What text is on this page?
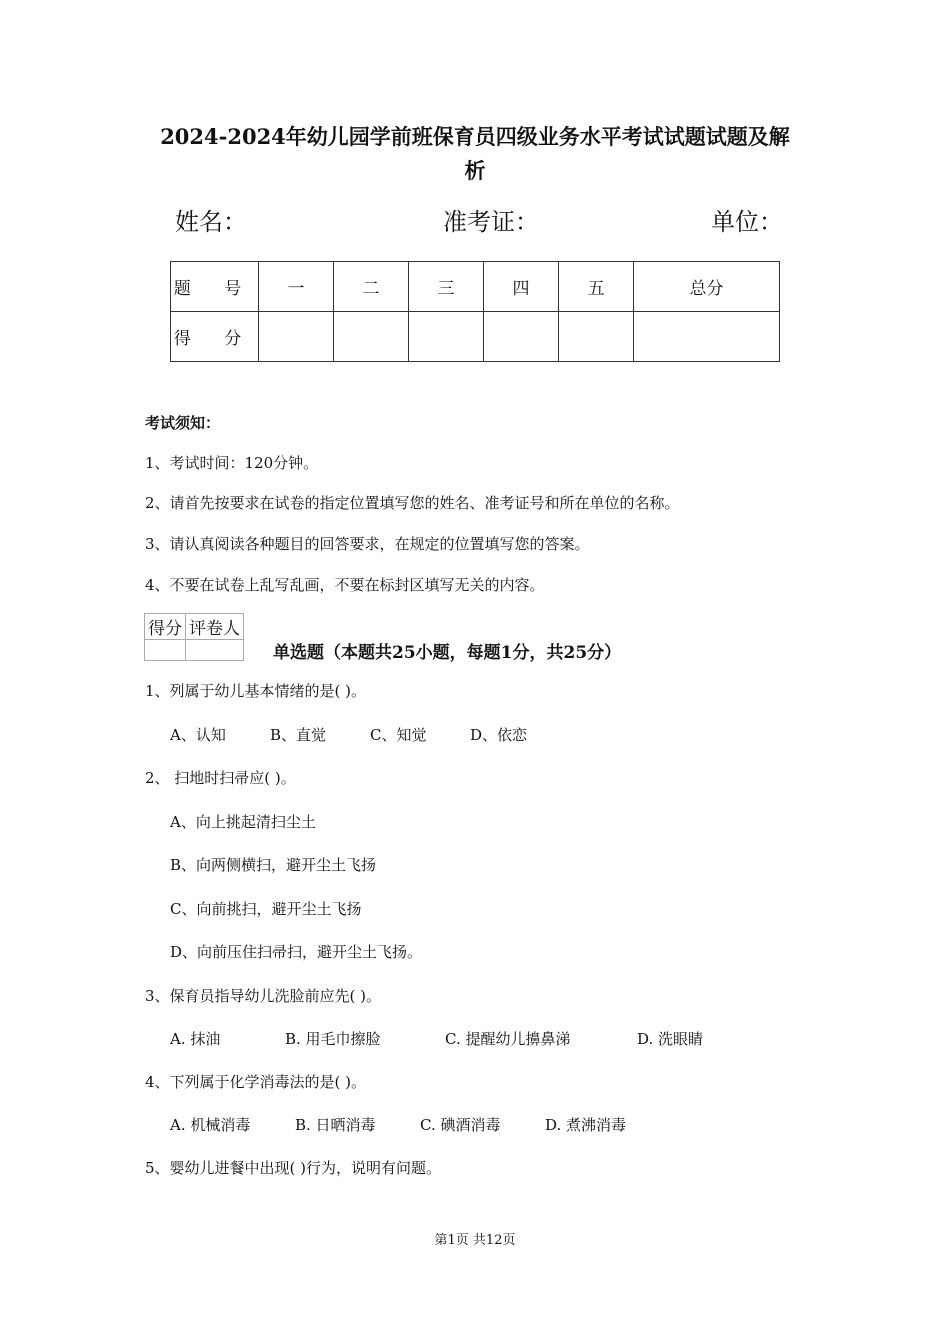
2024-2024年幼儿园学前班保育员四级业务水平考试试题试题及解
析
姓名：	准考证：	单位：
题 号	一	二	三	四	五	总分
得 分						
考试须知：
1、考试时间：120分钟。
2、请首先按要求在试卷的指定位置填写您的姓名、准考证号和所在单位的名称。
3、请认真阅读各种题目的回答要求，在规定的位置填写您的答案。
4、不要在试卷上乱写乱画，不要在标封区填写无关的内容。
得分	评卷人

单选题（本题共25小题，每题1分，共25分）
1、列属于幼儿基本情绪的是( )。
A、认知	B、直觉	C、知觉	D、依恋
2、 扫地时扫帚应( )。
A、向上挑起清扫尘土
B、向两侧横扫，避开尘土飞扬
C、向前挑扫，避开尘土飞扬
D、向前压住扫帚扫，避开尘土飞扬。
3、保育员指导幼儿洗脸前应先( )。
A. 抹油	B. 用毛巾擦脸	C. 提醒幼儿擤鼻涕	D. 洗眼睛
4、下列属于化学消毒法的是( )。
A. 机械消毒	B. 日晒消毒	C. 碘酒消毒	D. 煮沸消毒
5、婴幼儿进餐中出现( )行为，说明有问题。
第1页 共12页
